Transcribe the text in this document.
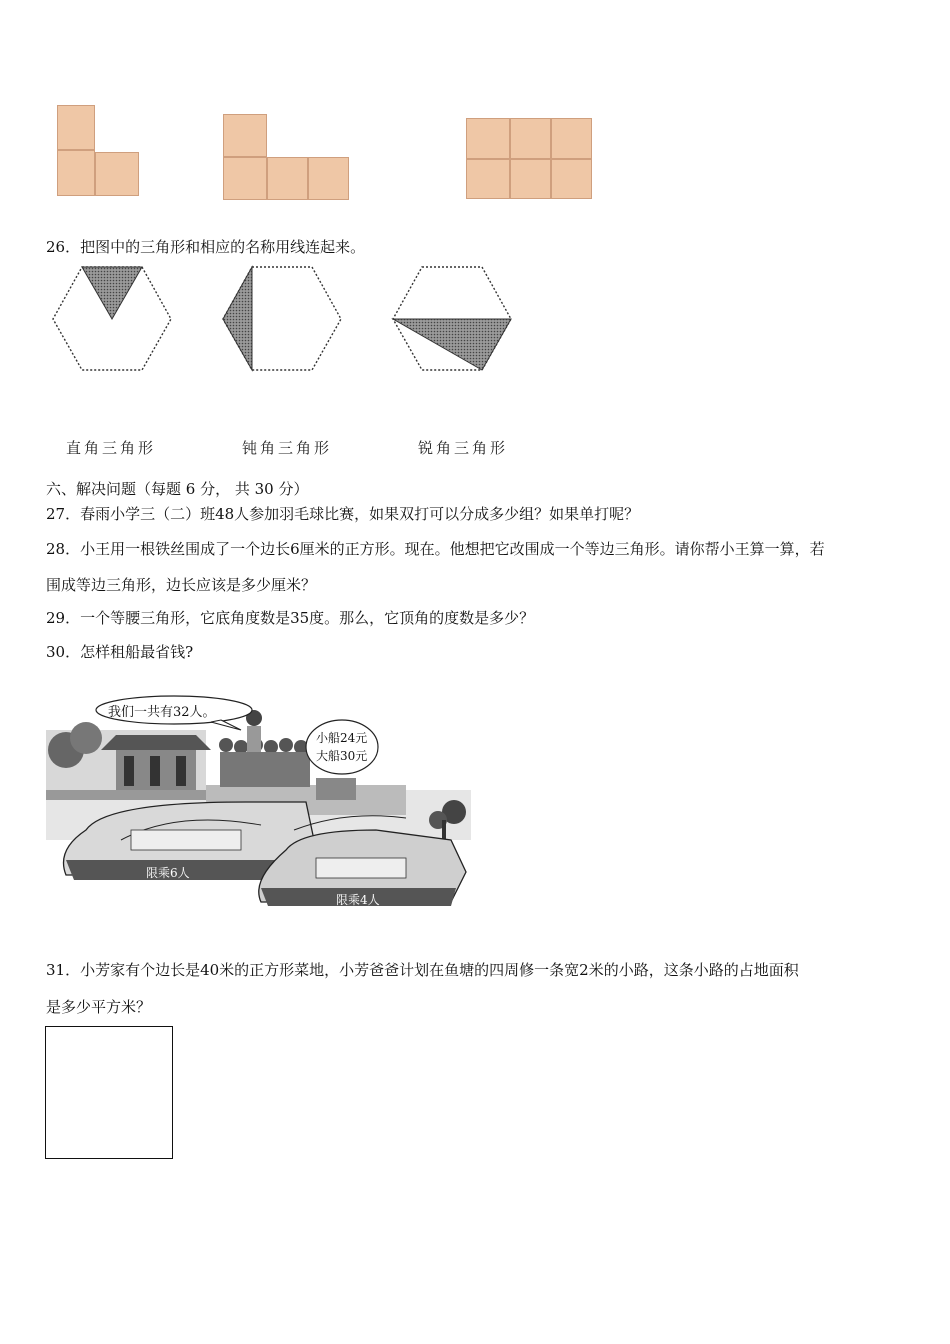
26．把图中的三角形和相应的名称用线连起来。
直角三角形	钝角三角形	锐角三角形
六、解决问题（每题 6 分， 共 30 分）
27．春雨小学三（二）班48人参加羽毛球比赛，如果双打可以分成多少组？如果单打呢？
28．小王用一根铁丝围成了一个边长6厘米的正方形。现在。他想把它改围成一个等边三角形。请你帮小王算一算，若
围成等边三角形，边长应该是多少厘米？
29．一个等腰三角形，它底角度数是35度。那么，它顶角的度数是多少？
30．怎样租船最省钱?
我们一共有32人。
小船24元
大船30元
限乘6人
限乘4人
31．小芳家有个边长是40米的正方形菜地，小芳爸爸计划在鱼塘的四周修一条宽2米的小路，这条小路的占地面积
是多少平方米？
